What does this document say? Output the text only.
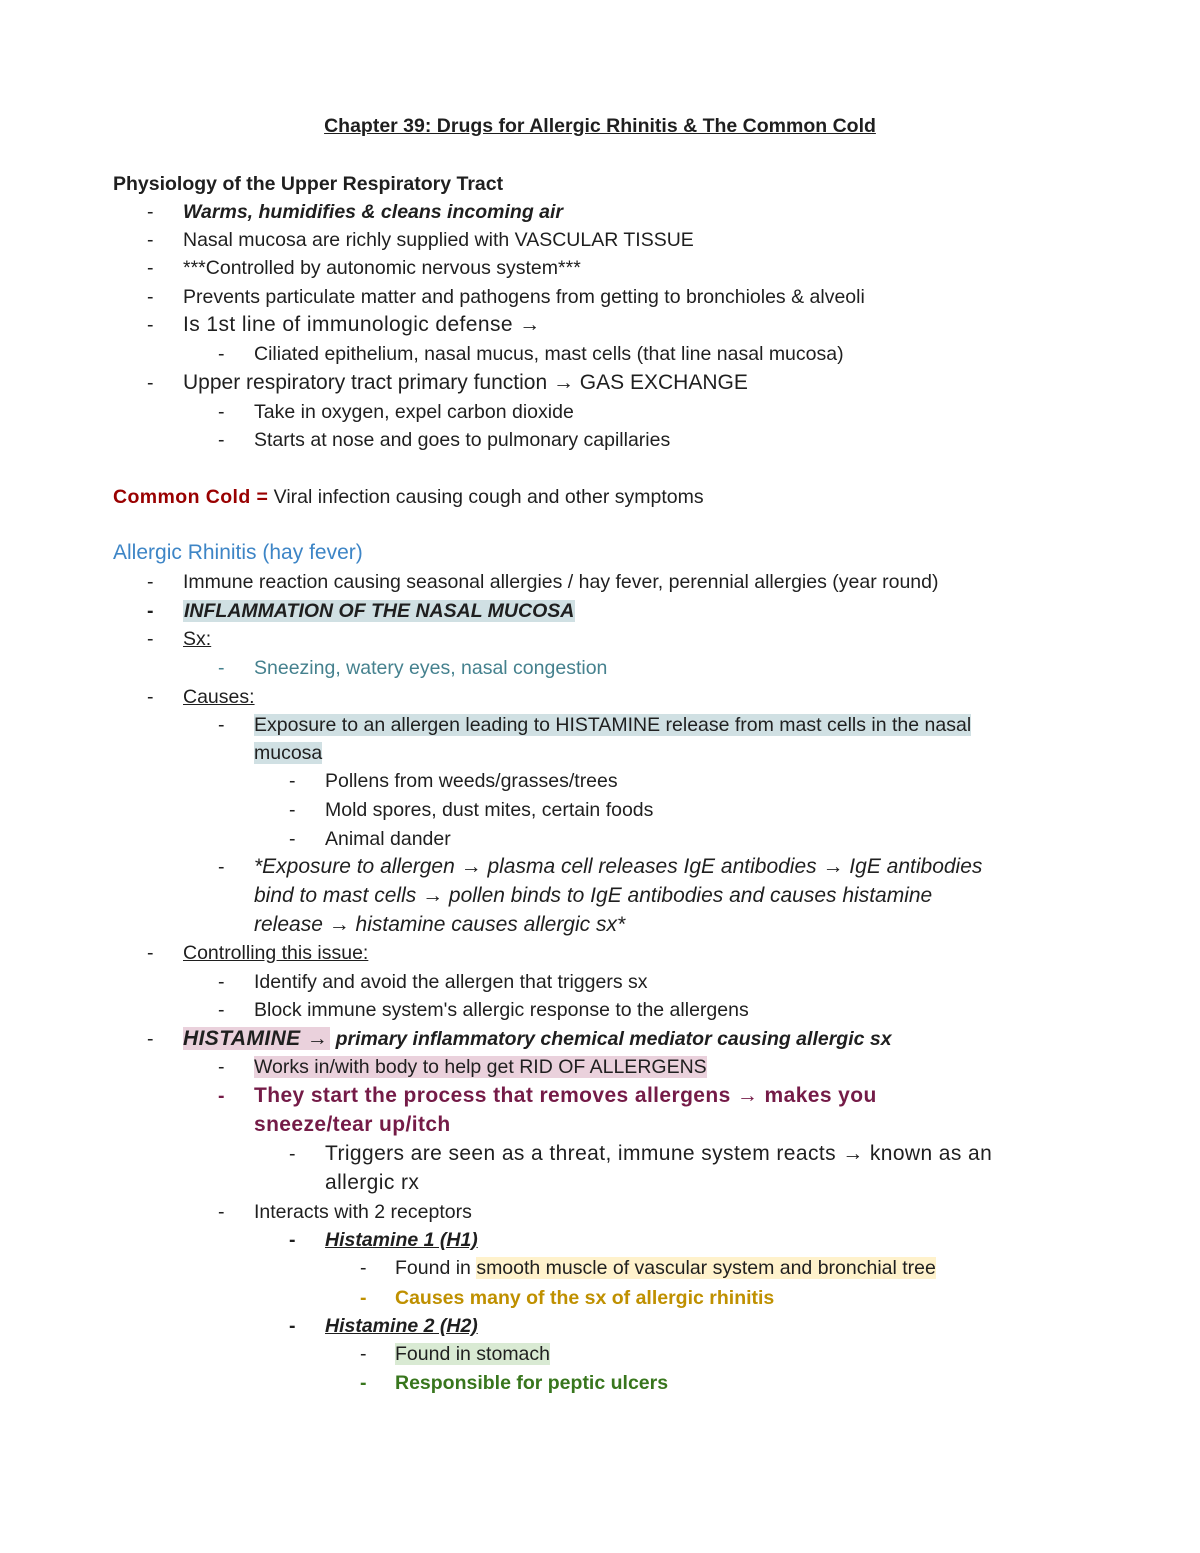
Chapter 39: Drugs for Allergic Rhinitis & The Common Cold
Physiology of the Upper Respiratory Tract
- Warms, humidifies & cleans incoming air
- Nasal mucosa are richly supplied with VASCULAR TISSUE
- ***Controlled by autonomic nervous system***
- Prevents particulate matter and pathogens from getting to bronchioles & alveoli
- Is 1st line of immunologic defense →
- Ciliated epithelium, nasal mucus, mast cells (that line nasal mucosa)
- Upper respiratory tract primary function → GAS EXCHANGE
- Take in oxygen, expel carbon dioxide
- Starts at nose and goes to pulmonary capillaries
Common Cold = Viral infection causing cough and other symptoms
Allergic Rhinitis (hay fever)
- Immune reaction causing seasonal allergies / hay fever, perennial allergies (year round)
- INFLAMMATION OF THE NASAL MUCOSA
- Sx:
- Sneezing, watery eyes, nasal congestion
- Causes:
- Exposure to an allergen leading to HISTAMINE release from mast cells in the nasal
mucosa
- Pollens from weeds/grasses/trees
- Mold spores, dust mites, certain foods
- Animal dander
- *Exposure to allergen → plasma cell releases IgE antibodies → IgE antibodies
bind to mast cells → pollen binds to IgE antibodies and causes histamine
release → histamine causes allergic sx*
- Controlling this issue:
- Identify and avoid the allergen that triggers sx
- Block immune system's allergic response to the allergens
- HISTAMINE → primary inflammatory chemical mediator causing allergic sx
- Works in/with body to help get RID OF ALLERGENS
- They start the process that removes allergens → makes you
sneeze/tear up/itch
- Triggers are seen as a threat, immune system reacts → known as an
allergic rx
- Interacts with 2 receptors
- Histamine 1 (H1)
- Found in smooth muscle of vascular system and bronchial tree
- Causes many of the sx of allergic rhinitis
- Histamine 2 (H2)
- Found in stomach
- Responsible for peptic ulcers
